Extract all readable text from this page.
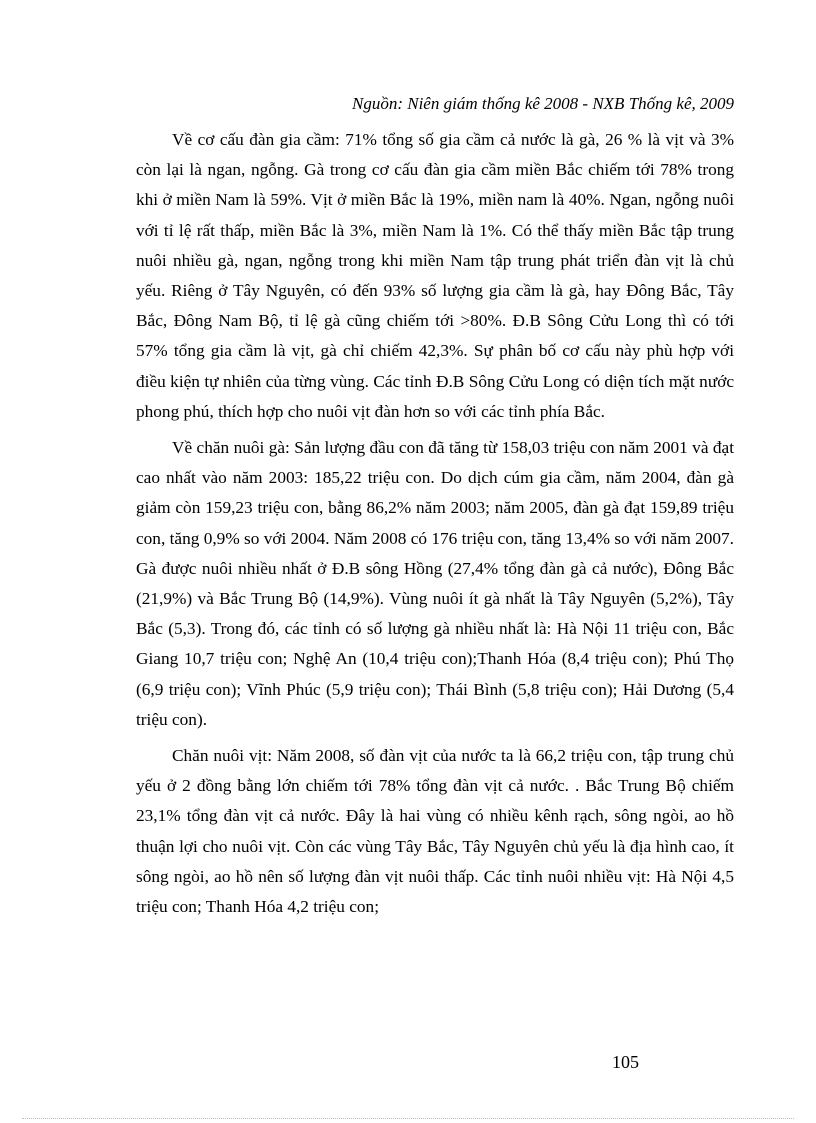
Nguồn: Niên giám thống kê 2008 - NXB Thống kê, 2009

Về cơ cấu đàn gia cầm: 71% tổng số gia cầm cả nước là gà, 26 % là vịt và 3% còn lại là ngan, ngỗng. Gà trong cơ cấu đàn gia cầm miền Bắc chiếm tới 78% trong khi ở miền Nam là 59%. Vịt ở miền Bắc là 19%, miền nam là 40%. Ngan, ngỗng nuôi với tỉ lệ rất thấp, miền Bắc là 3%, miền Nam là 1%. Có thể thấy miền Bắc tập trung nuôi nhiều gà, ngan, ngỗng trong khi miền Nam tập trung phát triển đàn vịt là chủ yếu. Riêng ở Tây Nguyên, có đến 93% số lượng gia cầm là gà, hay Đông Bắc, Tây Bắc, Đông Nam Bộ, tỉ lệ gà cũng chiếm tới >80%. Đ.B Sông Cửu Long thì có tới 57% tổng gia cầm là vịt, gà chỉ chiếm 42,3%. Sự phân bố cơ cấu này phù hợp với điều kiện tự nhiên của từng vùng. Các tỉnh Đ.B Sông Cửu Long có diện tích mặt nước phong phú, thích hợp cho nuôi vịt đàn hơn so với các tỉnh phía Bắc.

Về chăn nuôi gà: Sản lượng đầu con đã tăng từ 158,03 triệu con năm 2001 và đạt cao nhất vào năm 2003: 185,22 triệu con. Do dịch cúm gia cầm, năm 2004, đàn gà giảm còn 159,23 triệu con, bằng 86,2% năm 2003; năm 2005, đàn gà đạt 159,89 triệu con, tăng 0,9% so với 2004. Năm 2008 có 176 triệu con, tăng 13,4% so với năm 2007. Gà được nuôi nhiều nhất ở Đ.B sông Hồng (27,4% tổng đàn gà cả nước), Đông Bắc (21,9%) và Bắc Trung Bộ (14,9%). Vùng nuôi ít gà nhất là Tây Nguyên (5,2%), Tây Bắc (5,3). Trong đó, các tỉnh có số lượng gà nhiều nhất là: Hà Nội 11 triệu con, Bắc Giang 10,7 triệu con; Nghệ An (10,4 triệu con);Thanh Hóa (8,4 triệu con); Phú Thọ (6,9 triệu con); Vĩnh Phúc (5,9 triệu con); Thái Bình (5,8 triệu con); Hải Dương (5,4 triệu con).

Chăn nuôi vịt: Năm 2008, số đàn vịt của nước ta là 66,2 triệu con, tập trung chủ yếu ở 2 đồng bằng lớn chiếm tới 78% tổng đàn vịt cả nước. . Bắc Trung Bộ chiếm 23,1% tổng đàn vịt cả nước. Đây là hai vùng có nhiều kênh rạch, sông ngòi, ao hồ thuận lợi cho nuôi vịt. Còn các vùng Tây Bắc, Tây Nguyên chủ yếu là địa hình cao, ít sông ngòi, ao hồ nên số lượng đàn vịt nuôi thấp. Các tỉnh nuôi nhiều vịt: Hà Nội 4,5 triệu con; Thanh Hóa 4,2 triệu con;

105
